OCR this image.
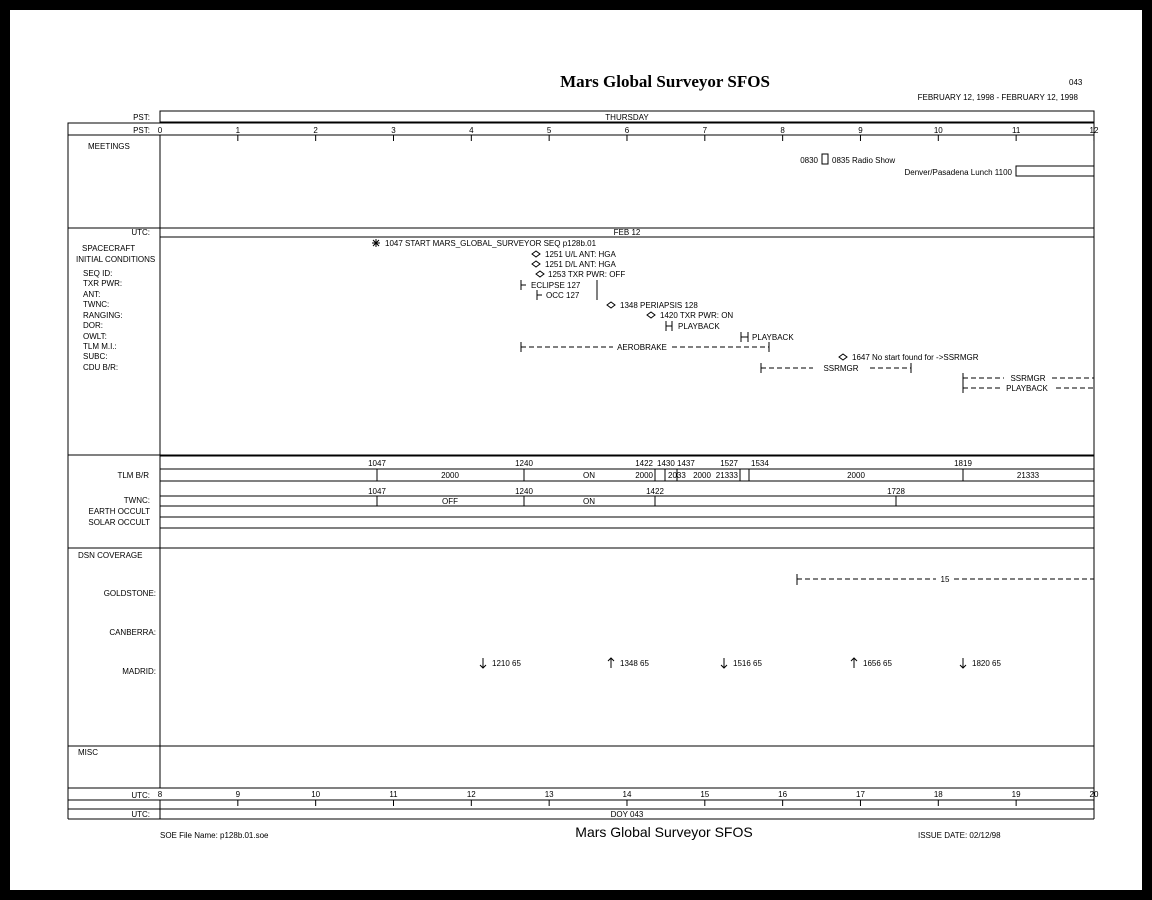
Mars Global Surveyor SFOS	043
FEBRUARY 12, 1998 - FEBRUARY 12, 1998
PST:	THURSDAY
PST: 0	1	2	3	4	5	6	7	8	9	10	11	12
MEETINGS
0830 0835 Radio Show
Denver/Pasadena Lunch 1100
UTC:	FEB 12
SPACECRAFT
INITIAL CONDITIONS
SEQ ID:
TXR PWR:
ANT:
TWNC:
RANGING:
DOR:
OWLT:
TLM M.I.:
SUBC:
CDU B/R:
1047 START MARS_GLOBAL_SURVEYOR SEQ p128b.01
1251 U/L ANT: HGA
1251 D/L ANT: HGA
1253 TXR PWR: OFF
1348 PERIAPSIS 128
1420 TXR PWR: ON
1647 No start found for ->SSRMGR
ECLIPSE 127
OCC 127
PLAYBACK
PLAYBACK
AEROBRAKE
SSRMGR
SSRMGR
PLAYBACK
TLM B/R
1047	1240	1422 1430 1437	1527 1534	1819
2000	ON	2000 2033 2000 21333	2000	21333
TWNC:
1047	1240	1422	1728
OFF	ON
EARTH OCCULT
SOLAR OCCULT
DSN COVERAGE
GOLDSTONE:
CANBERRA:
MADRID:
15
1210 65	1348 65	1516 65	1656 65	1820 65
MISC
UTC: 8	9	10	11	12	13	14	15	16	17	18	19	20
UTC:	DOY 043
SOE File Name: p128b.01.soe	Mars Global Surveyor SFOS	ISSUE DATE: 02/12/98
